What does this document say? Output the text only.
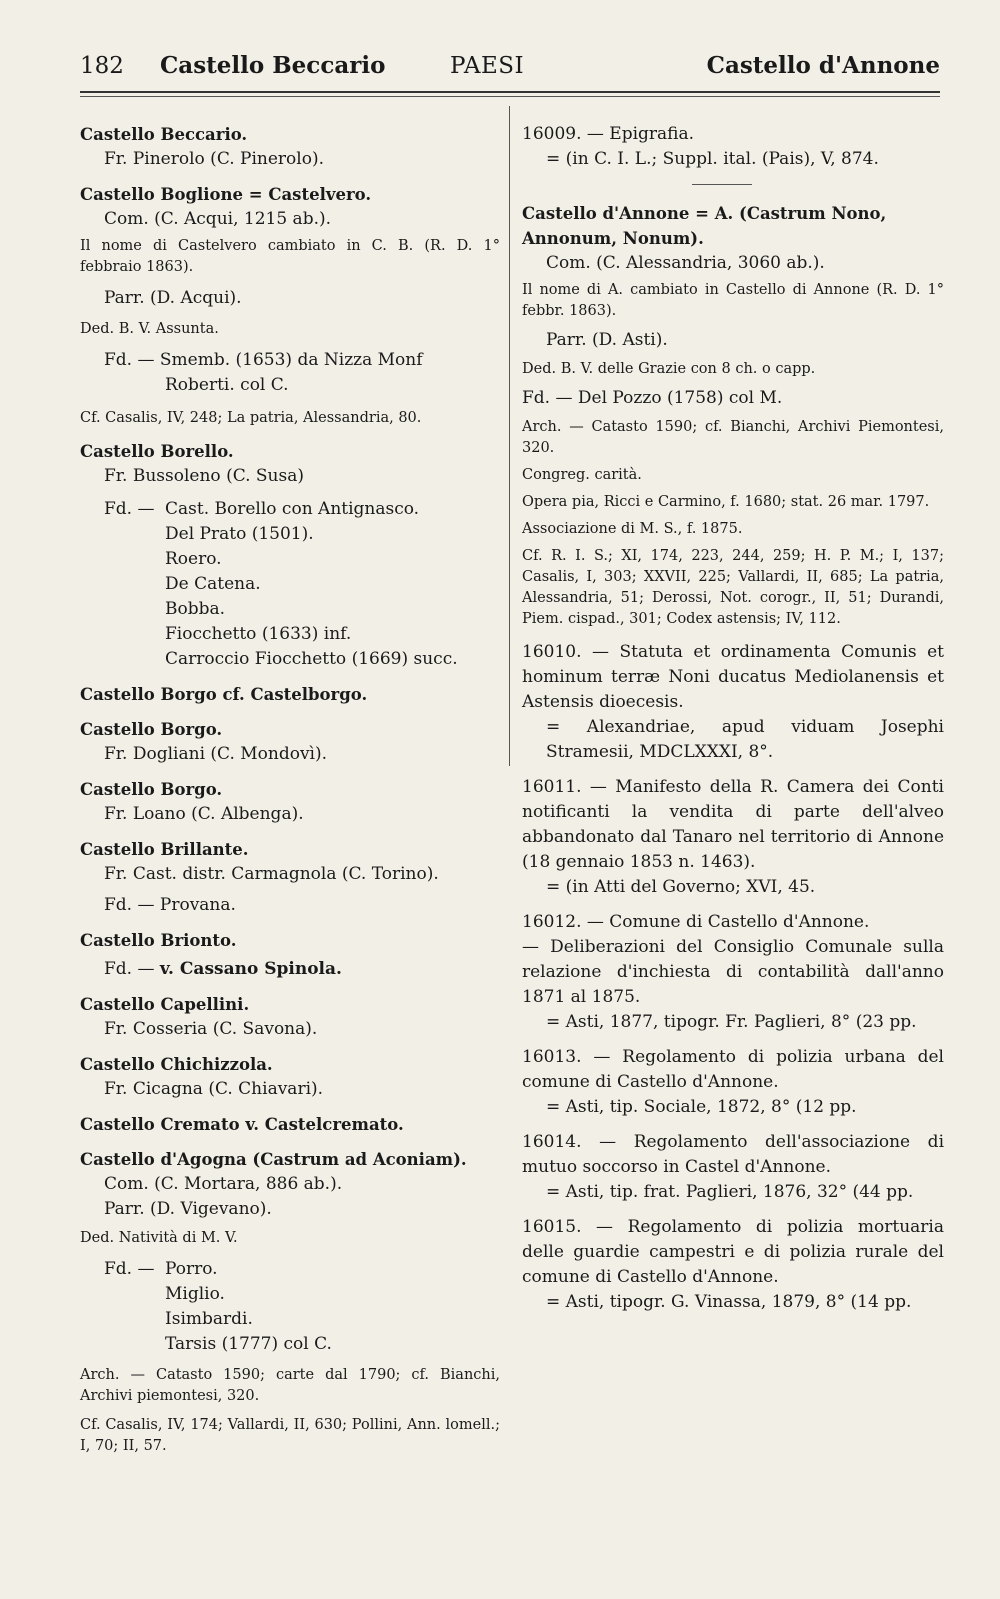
182	Castello Beccario	PAESI	Castello d'Annone
Castello Beccario.
Fr. Pinerolo (C. Pinerolo).
Castello Boglione = Castelvero.
Com. (C. Acqui, 1215 ab.).
Il nome di Castelvero cambiato in C. B. (R. D. 1° febbraio 1863).
Parr. (D. Acqui).
Ded. B. V. Assunta.
Fd. — Smemb. (1653) da Nizza Monf
Roberti. col C.
Cf. Casalis, IV, 248; La patria, Alessandria, 80.
Castello Borello.
Fr. Bussoleno (C. Susa)
Fd. — Cast. Borello con Antignasco.
Del Prato (1501).
Roero.
De Catena.
Bobba.
Fiocchetto (1633) inf.
Carroccio Fiocchetto (1669) succ.
Castello Borgo cf. Castelborgo.
Castello Borgo.
Fr. Dogliani (C. Mondovì).
Castello Borgo.
Fr. Loano (C. Albenga).
Castello Brillante.
Fr. Cast. distr. Carmagnola (C. Torino).
Fd. — Provana.
Castello Brionto.
Fd. — v. Cassano Spinola.
Castello Capellini.
Fr. Cosseria (C. Savona).
Castello Chichizzola.
Fr. Cicagna (C. Chiavari).
Castello Cremato v. Castelcremato.
Castello d'Agogna (Castrum ad Aconiam).
Com. (C. Mortara, 886 ab.).
Parr. (D. Vigevano).
Ded. Natività di M. V.
Fd. — Porro.
Miglio.
Isimbardi.
Tarsis (1777) col C.
Arch. — Catasto 1590; carte dal 1790; cf. Bianchi, Archivi piemontesi, 320.
Cf. Casalis, IV, 174; Vallardi, II, 630; Pollini, Ann. lomell.; I, 70; II, 57.
16009. — Epigrafia.
= (in C. I. L.; Suppl. ital. (Pais), V, 874.
Castello d'Annone = A. (Castrum Nono, Annonum, Nonum).
Com. (C. Alessandria, 3060 ab.).
Il nome di A. cambiato in Castello di Annone (R. D. 1° febbr. 1863).
Parr. (D. Asti).
Ded. B. V. delle Grazie con 8 ch. o capp.
Fd. — Del Pozzo (1758) col M.
Arch. — Catasto 1590; cf. Bianchi, Archivi Piemontesi, 320.
Congreg. carità.
Opera pia, Ricci e Carmino, f. 1680; stat. 26 mar. 1797.
Associazione di M. S., f. 1875.
Cf. R. I. S.; XI, 174, 223, 244, 259; H. P. M.; I, 137; Casalis, I, 303; XXVII, 225; Vallardi, II, 685; La patria, Alessandria, 51; Derossi, Not. corogr., II, 51; Durandi, Piem. cispad., 301; Codex astensis; IV, 112.
16010. — Statuta et ordinamenta Comunis et hominum terræ Noni ducatus Mediolanensis et Astensis dioecesis.
= Alexandriae, apud viduam Josephi Stramesii, MDCLXXXI, 8°.
16011. — Manifesto della R. Camera dei Conti notificanti la vendita di parte dell'alveo abbandonato dal Tanaro nel territorio di Annone (18 gennaio 1853 n. 1463).
= (in Atti del Governo; XVI, 45.
16012. — Comune di Castello d'Annone.
— Deliberazioni del Consiglio Comunale sulla relazione d'inchiesta di contabilità dall'anno 1871 al 1875.
= Asti, 1877, tipogr. Fr. Paglieri, 8° (23 pp.
16013. — Regolamento di polizia urbana del comune di Castello d'Annone.
= Asti, tip. Sociale, 1872, 8° (12 pp.
16014. — Regolamento dell'associazione di mutuo soccorso in Castel d'Annone.
= Asti, tip. frat. Paglieri, 1876, 32° (44 pp.
16015. — Regolamento di polizia mortuaria delle guardie campestri e di polizia rurale del comune di Castello d'Annone.
= Asti, tipogr. G. Vinassa, 1879, 8° (14 pp.
